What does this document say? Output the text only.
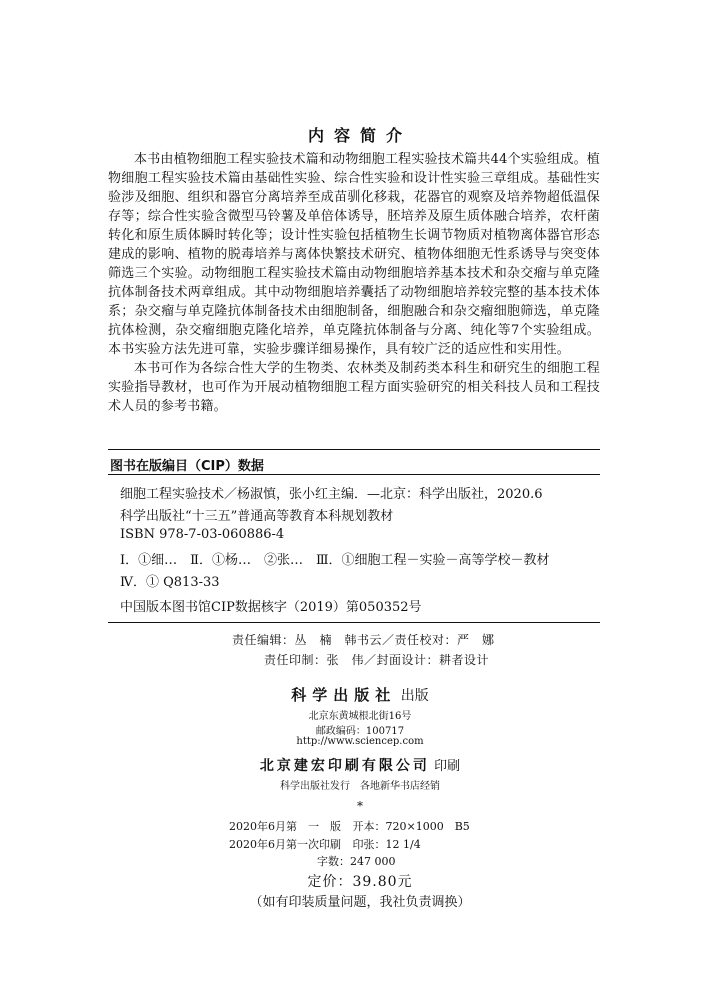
内容简介

本书由植物细胞工程实验技术篇和动物细胞工程实验技术篇共44个实验组成。植物细胞工程实验技术篇由基础性实验、综合性实验和设计性实验三章组成。基础性实验涉及细胞、组织和器官分离培养至成苗驯化移栽，花器官的观察及培养物超低温保存等；综合性实验含微型马铃薯及单倍体诱导，胚培养及原生质体融合培养，农杆菌转化和原生质体瞬时转化等；设计性实验包括植物生长调节物质对植物离体器官形态建成的影响、植物的脱毒培养与离体快繁技术研究、植物体细胞无性系诱导与突变体筛选三个实验。动物细胞工程实验技术篇由动物细胞培养基本技术和杂交瘤与单克隆抗体制备技术两章组成。其中动物细胞培养囊括了动物细胞培养较完整的基本技术体系；杂交瘤与单克隆抗体制备技术由细胞制备，细胞融合和杂交瘤细胞筛选，单克隆抗体检测，杂交瘤细胞克隆化培养，单克隆抗体制备与分离、纯化等7个实验组成。本书实验方法先进可靠，实验步骤详细易操作，具有较广泛的适应性和实用性。

本书可作为各综合性大学的生物类、农林类及制药类本科生和研究生的细胞工程实验指导教材，也可作为开展动植物细胞工程方面实验研究的相关科技人员和工程技术人员的参考书籍。

图书在版编目（CIP）数据
细胞工程实验技术／杨淑慎，张小红主编．—北京：科学出版社，2020.6
科学出版社“十三五”普通高等教育本科规划教材
ISBN 978-7-03-060886-4
Ⅰ．①细…　Ⅱ．①杨…　②张…　Ⅲ．①细胞工程－实验－高等学校－教材
Ⅳ．① Q813-33
中国版本图书馆CIP数据核字（2019）第050352号
责任编辑：丛　楠　韩书云／责任校对：严　娜
责任印制：张　伟／封面设计：耕者设计
科学出版社 出版
北京东黄城根北街16号
邮政编码：100717
http://www.sciencep.com
北京建宏印刷有限公司 印刷
科学出版社发行　各地新华书店经销
*
2020年6月第　一　版 开本：720×1000　B5
2020年6月第一次印刷 印张：12 1/4
字数：247 000
定价：39.80元
（如有印装质量问题，我社负责调换）
